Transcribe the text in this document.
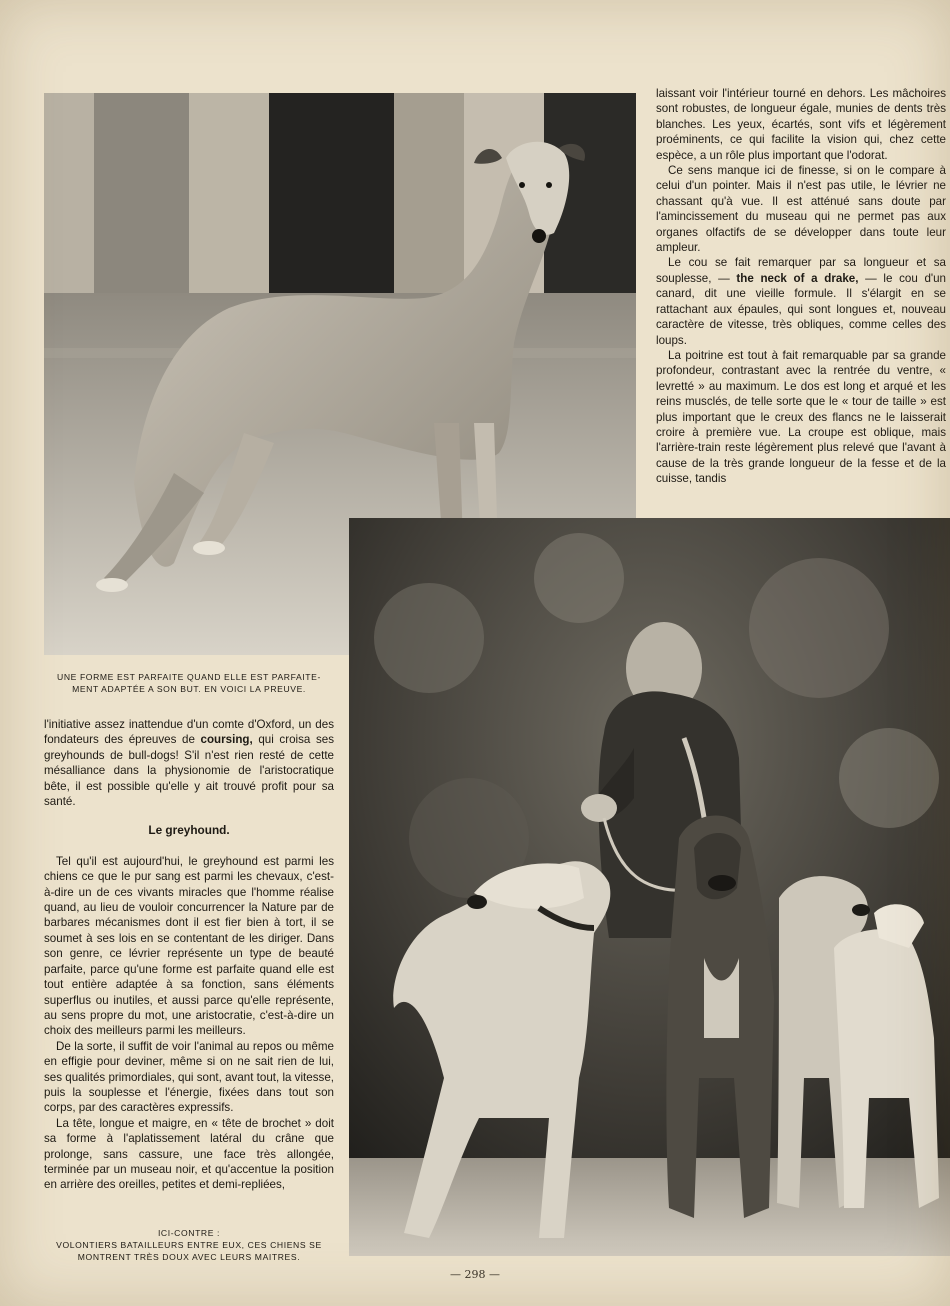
UNE FORME EST PARFAITE QUAND ELLE EST PARFAITE-
MENT ADAPTÉE A SON BUT. EN VOICI LA PREUVE.

l'initiative assez inattendue d'un comte d'Oxford, un des fondateurs des épreuves de coursing, qui croisa ses greyhounds de bull-dogs! S'il n'est rien resté de cette mésalliance dans la physionomie de l'aristocratique bête, il est possible qu'elle y ait trouvé profit pour sa santé.

Le greyhound.

Tel qu'il est aujourd'hui, le greyhound est parmi les chiens ce que le pur sang est parmi les chevaux, c'est-à-dire un de ces vivants miracles que l'homme réalise quand, au lieu de vouloir concurrencer la Nature par de barbares mécanismes dont il est fier bien à tort, il se soumet à ses lois en se contentant de les diriger. Dans son genre, ce lévrier représente un type de beauté parfaite, parce qu'une forme est parfaite quand elle est tout entière adaptée à sa fonction, sans éléments superflus ou inutiles, et aussi parce qu'elle représente, au sens propre du mot, une aristocratie, c'est-à-dire un choix des meilleurs parmi les meilleurs.

De la sorte, il suffit de voir l'animal au repos ou même en effigie pour deviner, même si on ne sait rien de lui, ses qualités primordiales, qui sont, avant tout, la vitesse, puis la souplesse et l'énergie, fixées dans tout son corps, par des caractères expressifs.

La tête, longue et maigre, en « tête de brochet » doit sa forme à l'aplatissement latéral du crâne que prolonge, sans cassure, une face très allongée, terminée par un museau noir, et qu'accentue la position en arrière des oreilles, petites et demi-repliées,

ICI-CONTRE :
VOLONTIERS BATAILLEURS ENTRE EUX, CES CHIENS SE
MONTRENT TRÈS DOUX AVEC LEURS MAITRES.

laissant voir l'intérieur tourné en dehors. Les mâchoires sont robustes, de longueur égale, munies de dents très blanches. Les yeux, écartés, sont vifs et légèrement proéminents, ce qui facilite la vision qui, chez cette espèce, a un rôle plus important que l'odorat.

Ce sens manque ici de finesse, si on le compare à celui d'un pointer. Mais il n'est pas utile, le lévrier ne chassant qu'à vue. Il est atténué sans doute par l'amincissement du museau qui ne permet pas aux organes olfactifs de se développer dans toute leur ampleur.

Le cou se fait remarquer par sa longueur et sa souplesse, — the neck of a drake, — le cou d'un canard, dit une vieille formule. Il s'élargit en se rattachant aux épaules, qui sont longues et, nouveau caractère de vitesse, très obliques, comme celles des loups.

La poitrine est tout à fait remarquable par sa grande profondeur, contrastant avec la rentrée du ventre, « levretté » au maximum. Le dos est long et arqué et les reins musclés, de telle sorte que le « tour de taille » est plus important que le creux des flancs ne le laisserait croire à première vue. La croupe est oblique, mais l'arrière-train reste légèrement plus relevé que l'avant à cause de la très grande longueur de la fesse et de la cuisse, tandis

— 298 —
